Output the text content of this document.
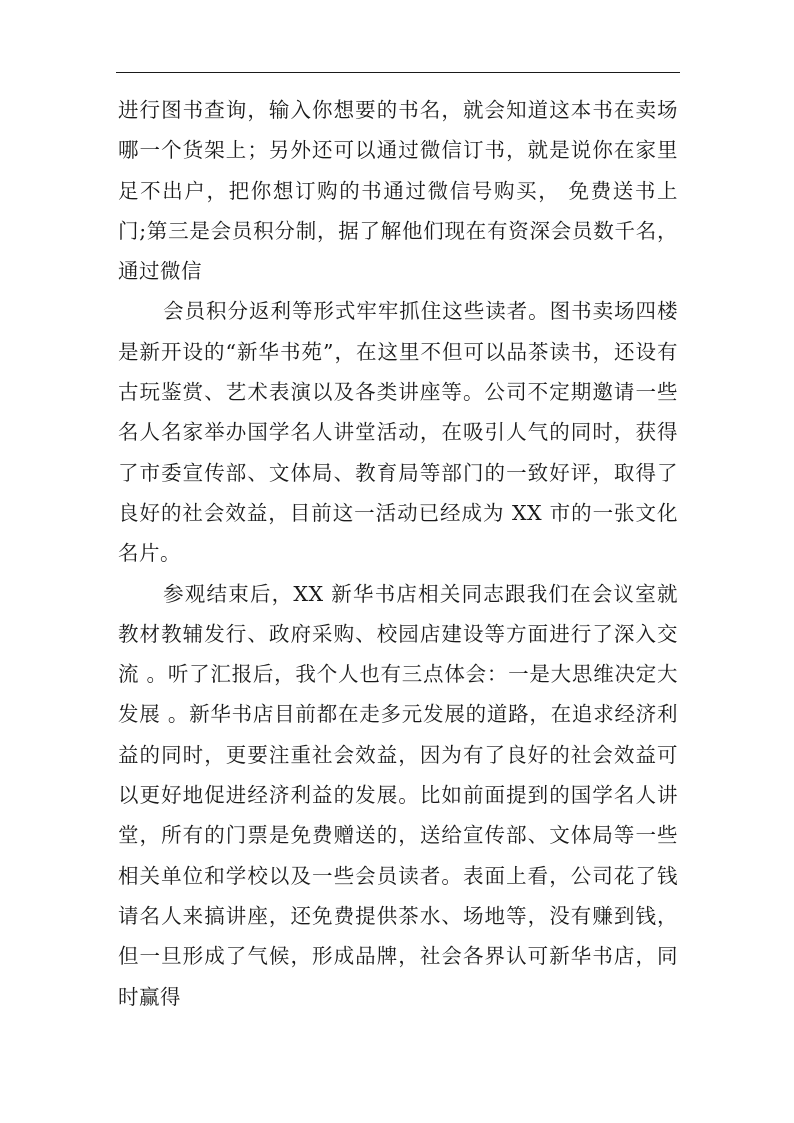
进行图书查询，输入你想要的书名，就会知道这本书在卖场哪一个货架上；另外还可以通过微信订书，就是说你在家里足不出户，把你想订购的书通过微信号购买， 免费送书上门;第三是会员积分制，据了解他们现在有资深会员数千名，通过微信

会员积分返利等形式牢牢抓住这些读者。图书卖场四楼是新开设的“新华书苑”，在这里不但可以品茶读书，还设有古玩鉴赏、艺术表演以及各类讲座等。公司不定期邀请一些名人名家举办国学名人讲堂活动，在吸引人气的同时，获得了市委宣传部、文体局、教育局等部门的一致好评，取得了良好的社会效益，目前这一活动已经成为 XX 市的一张文化名片。

参观结束后，XX 新华书店相关同志跟我们在会议室就教材教辅发行、政府采购、校园店建设等方面进行了深入交流 。听了汇报后，我个人也有三点体会：一是大思维决定大发展 。新华书店目前都在走多元发展的道路，在追求经济利益的同时，更要注重社会效益，因为有了良好的社会效益可以更好地促进经济利益的发展。比如前面提到的国学名人讲堂，所有的门票是免费赠送的，送给宣传部、文体局等一些相关单位和学校以及一些会员读者。表面上看，公司花了钱请名人来搞讲座，还免费提供茶水、场地等，没有赚到钱，但一旦形成了气候，形成品牌，社会各界认可新华书店，同时赢得
